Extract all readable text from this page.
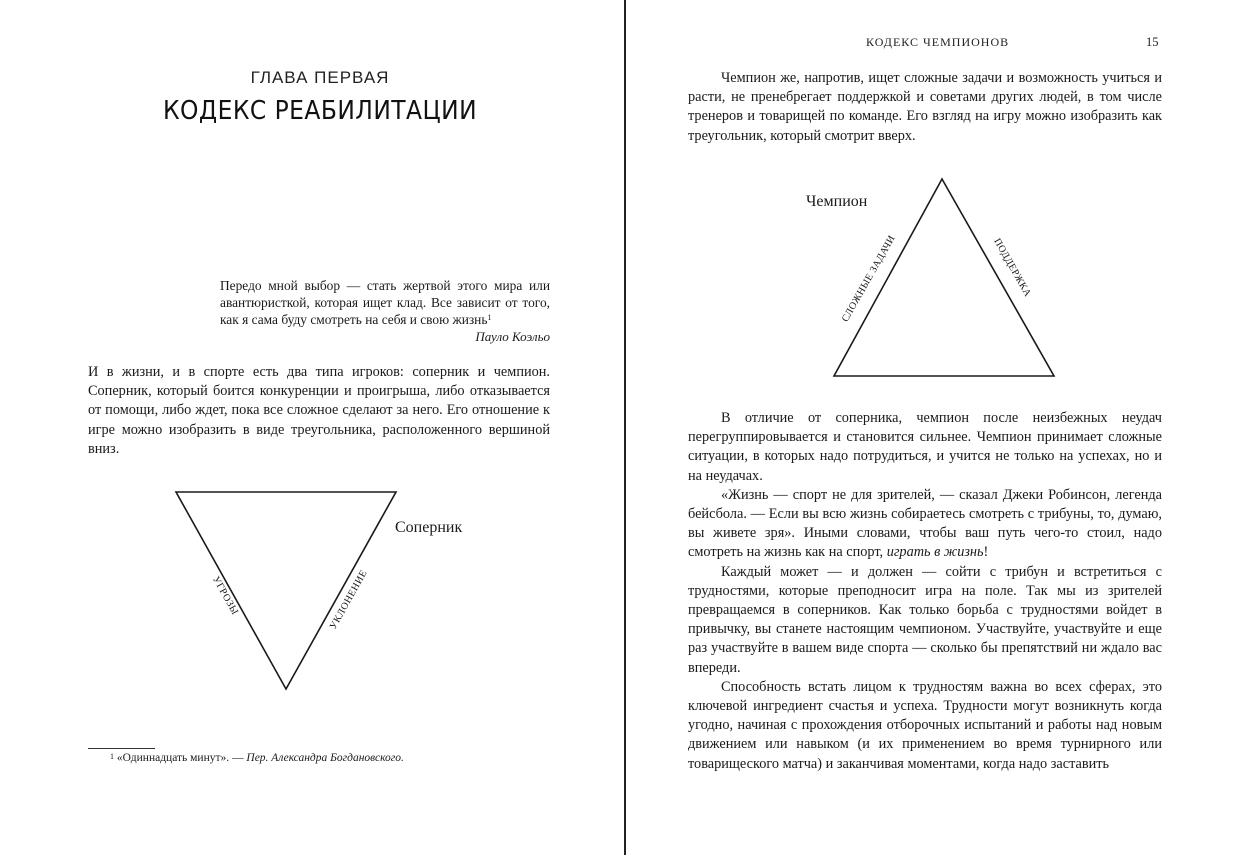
ГЛАВА ПЕРВАЯ
КОДЕКС РЕАБИЛИТАЦИИ

Передо мной выбор — стать жертвой этого мира или авантюристкой, которая ищет клад. Все зависит от того, как я сама буду смотреть на себя и свою жизнь$^1$

Пауло Коэльо

И в жизни, и в спорте есть два типа игроков: соперник и чемпион. Соперник, который боится конкуренции и проигрыша, либо отказывается от помощи, либо ждет, пока все сложное сделают за него. Его отношение к игре можно изобразить в виде треугольника, расположенного вершиной вниз.

Соперник
УГРОЗЫ	УКЛОНЕНИЕ
$^1$ «Одиннадцать минут». — Пер. Александра Богдановского.
КОДЕКС ЧЕМПИОНОВ	15

Чемпион же, напротив, ищет сложные задачи и возможность учиться и расти, не пренебрегает поддержкой и советами других людей, в том числе тренеров и товарищей по команде. Его взгляд на игру можно изобразить как треугольник, который смотрит вверх.

Чемпион
СЛОЖНЫЕ ЗАДАЧИ	ПОДДЕРЖКА

В отличие от соперника, чемпион после неизбежных неудач перегруппировывается и становится сильнее. Чемпион принимает сложные ситуации, в которых надо потрудиться, и учится не только на успехах, но и на неудачах.

«Жизнь — спорт не для зрителей, — сказал Джеки Робинсон, легенда бейсбола. — Если вы всю жизнь собираетесь смотреть с трибуны, то, думаю, вы живете зря». Иными словами, чтобы ваш путь чего-то стоил, надо смотреть на жизнь как на спорт, играть в жизнь!

Каждый может — и должен — сойти с трибун и встретиться с трудностями, которые преподносит игра на поле. Так мы из зрителей превращаемся в соперников. Как только борьба с трудностями войдет в привычку, вы станете настоящим чемпионом. Участвуйте, участвуйте и еще раз участвуйте в вашем виде спорта — сколько бы препятствий ни ждало вас впереди.

Способность встать лицом к трудностям важна во всех сферах, это ключевой ингредиент счастья и успеха. Трудности могут возникнуть когда угодно, начиная с прохождения отборочных испытаний и работы над новым движением или навыком (и их применением во время турнирного или товарищеского матча) и заканчивая моментами, когда надо заставить
